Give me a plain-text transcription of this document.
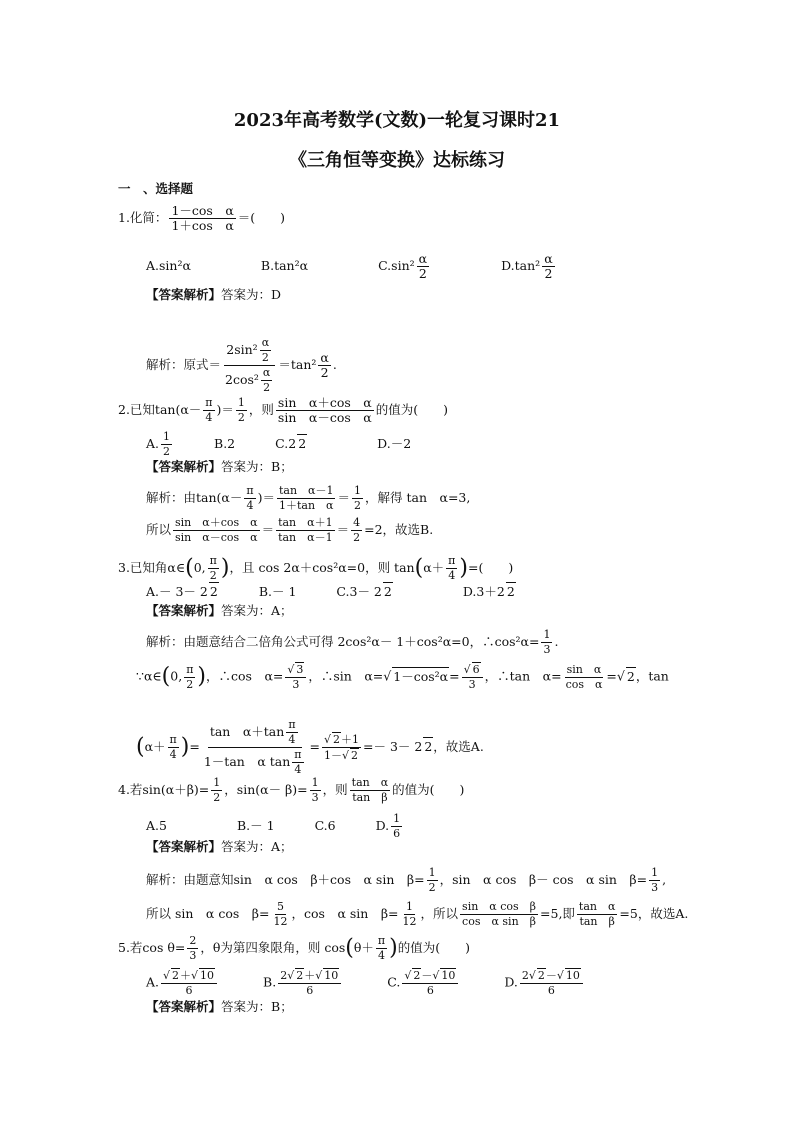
2023年高考数学(文数)一轮复习课时21
《三角恒等变换》达标练习
一　、选择题
1.化简： $\frac{\text{1－cos　α}}{\text{1＋cos　α}}$ ＝(　　)
A.sin²α	B.tan²α	$C.\sin^2 \frac{\alpha}{2}$	$D.\tan^2 \frac{\alpha}{2}$
【答案解析】答案为：D
解析：原式＝ $\frac{2\sin^2 \frac{\alpha}{2}}{2\cos^2 \frac{\alpha}{2}} =\tan^2 \frac{\alpha}{2}$ .
2.已知$\tan(\alpha- \frac{\pi}{4}$ )＝ $\frac{1}{2}$ ，则 $\frac{\text{sin　α＋cos　α}}{\text{sin　α－cos　α}}$ 的值为(　　)
A. $\frac{1}{2}$	B.2	C.2 2	D.－2
【答案解析】答案为：B；
解析：由$\tan(\alpha- \frac{\pi}{4}$ )＝ $\frac{\text{tan　α－1}}{\text{1＋tan　α}} = \frac{1}{2}$ ，解得 tan　α=3,
所以 $\frac{\text{sin　α＋cos　α}}{\text{sin　α－cos　α}} = \frac{\text{tan　α＋1}}{\text{tan　α－1}} = \frac{4}{2} =2$，故选B.
3.已知角α∈(0, $\frac{\pi}{2}$ )，且 cos 2α＋cos²α=0，则 $\tan(\alpha+ \frac{\pi}{4}$ )=(　　)
A.－ 3－ 2 2	B.－ 1	C.3－ 2 2	D.3＋2 2
【答案解析】答案为：A；
解析：由题意结合二倍角公式可得 2cos²α－ 1＋cos²α=0，∴cos²α= $\frac{1}{3}$ .
∵α∈(0, $\frac{\pi}{2}$ )，∴cos　$\alpha= \frac{√ 3}{3}$ ，∴sin　α=√ $1-\cos^2\alpha= \frac{√ 6}{3}$ ，∴tan　$\alpha= \frac{\text{sin　α}}{\text{cos　α}}$ =√ 2，tan
($\alpha+ \frac{\pi}{4}$ )= $\frac{\tan \alpha+\tan \frac{\pi}{4}}{1-\tan \alpha \tan \frac{\pi}{4}} = \frac{√ 2+1}{1-√ 2} =- 3- 2$ 2，故选A.
4.若$\sin(\alpha+\beta)= \frac{1}{2}$ ，$\sin(\alpha- \beta)= \frac{1}{3}$ ，则 $\frac{\text{tan　α}}{\text{tan　β}}$ 的值为(　　)
A.5	B.－ 1	C.6	D. $\frac{1}{6}$
【答案解析】答案为：A；
解析：由题意知sin　α cos　β＋cos　α sin　$\beta= \frac{1}{2}$ ，sin　α cos　β－ cos　α sin　$\beta= \frac{1}{3}$ ,
所以 sin　α cos　$\beta= \frac{5}{12}$ ，cos　α sin　$\beta= \frac{1}{12}$ ，所以 $\frac{\text{sin　α cos　β}}{\text{cos　α sin　β}} =5$,即 $\frac{\text{tan　α}}{\text{tan　β}} =5$，故选A.
5.若$\cos \theta= \frac{2}{3}$ ，θ为第四象限角，则 $\cos(\theta+ \frac{\pi}{4}$ )的值为(　　)
A. $\frac{√ 2+√ 10}{6}$	B. $\frac{2√ 2+√ 10}{6}$	C. $\frac{√ 2-√ 10}{6}$	D. $\frac{2√ 2-√ 10}{6}$
【答案解析】答案为：B；
